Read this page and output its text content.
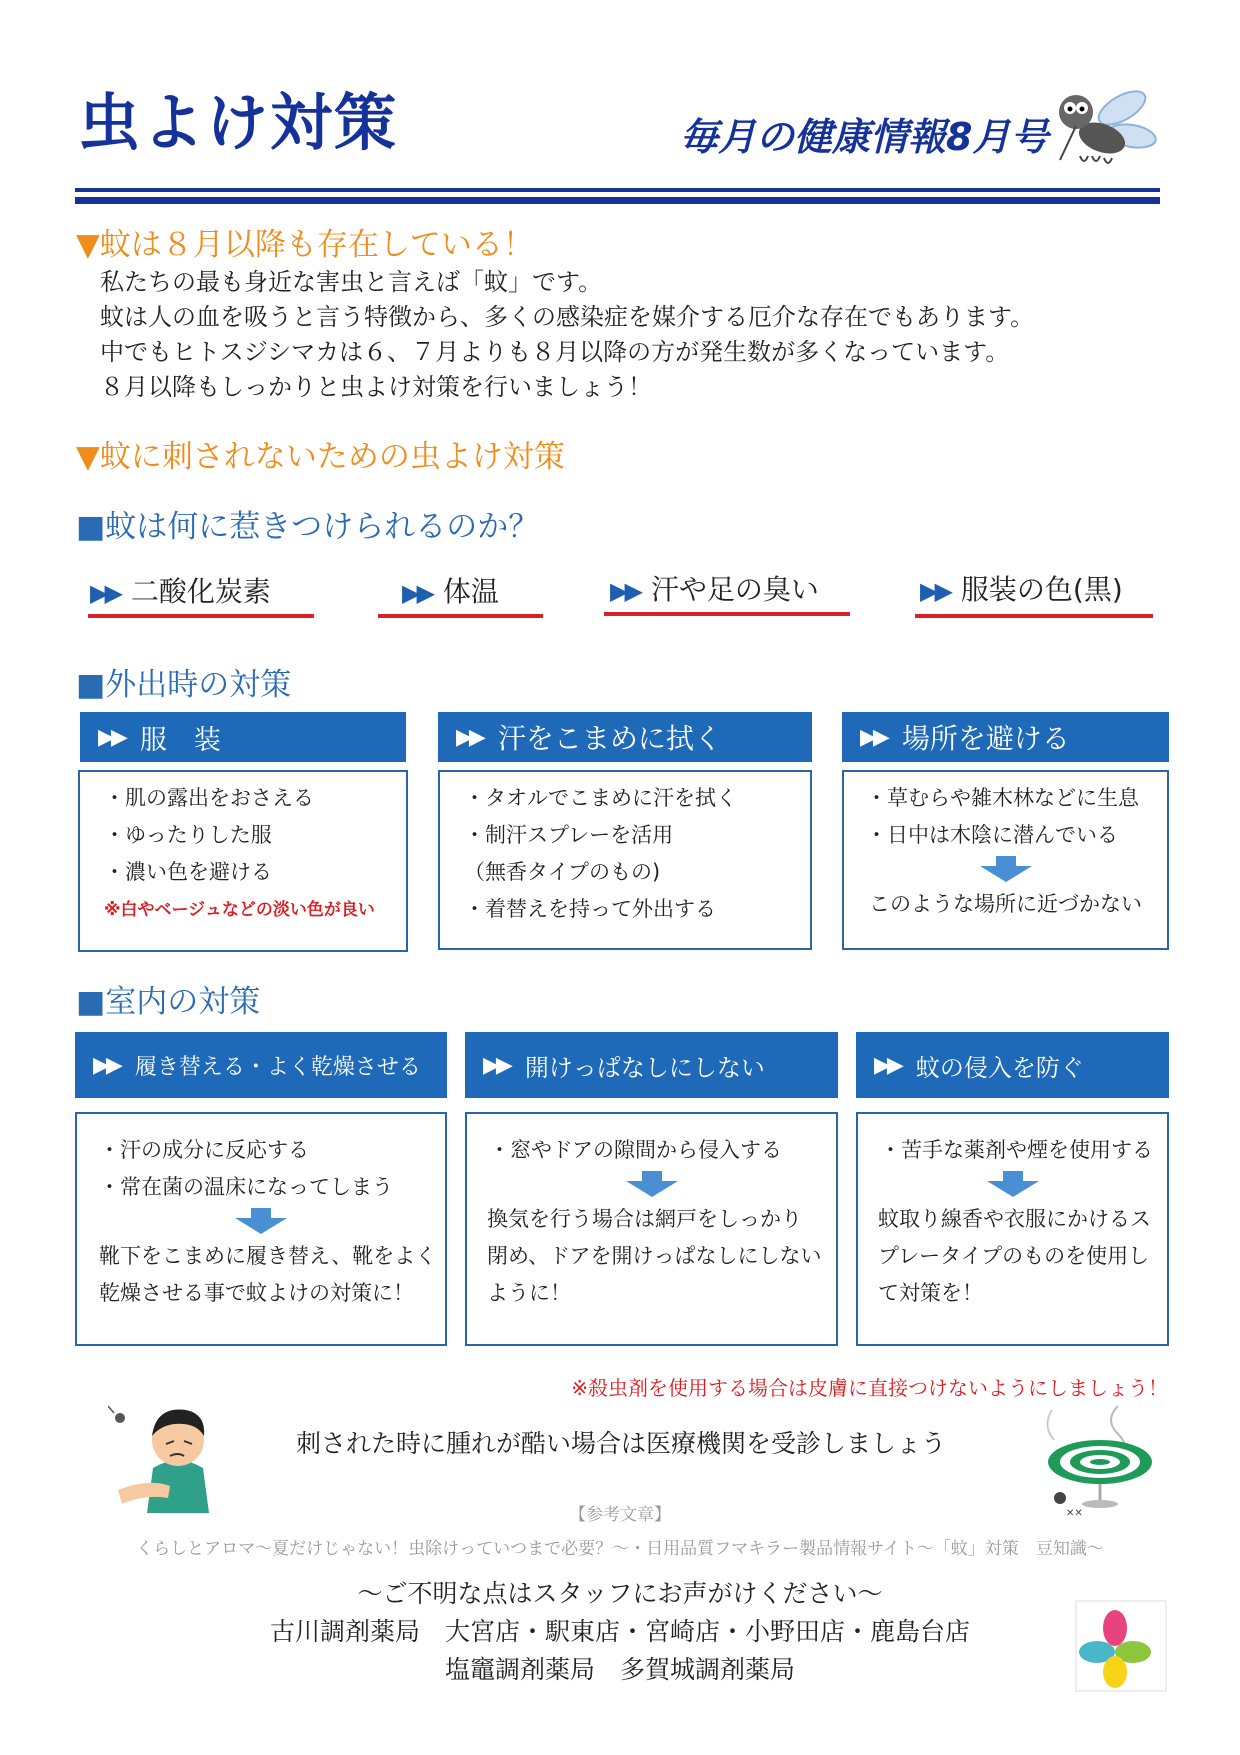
虫よけ対策	毎月の健康情報8月号
▼蚊は８月以降も存在している！
私たちの最も身近な害虫と言えば「蚊」です。
蚊は人の血を吸うと言う特徴から、多くの感染症を媒介する厄介な存在でもあります。
中でもヒトスジシマカは６、７月よりも８月以降の方が発生数が多くなっています。
８月以降もしっかりと虫よけ対策を行いましょう！
▼蚊に刺されないための虫よけ対策
■蚊は何に惹きつけられるのか？
▶▶ 二酸化炭素	▶▶ 体温	▶▶ 汗や足の臭い	▶▶ 服装の色(黒)
■外出時の対策
▶▶ 服　装
・肌の露出をおさえる
・ゆったりした服
・濃い色を避ける
※白やベージュなどの淡い色が良い
▶▶ 汗をこまめに拭く
・タオルでこまめに汗を拭く
・制汗スプレーを活用
（無香タイプのもの)
・着替えを持って外出する
▶▶ 場所を避ける
・草むらや雑木林などに生息
・日中は木陰に潜んでいる
このような場所に近づかない
■室内の対策
▶▶ 履き替える・よく乾燥させる
・汗の成分に反応する
・常在菌の温床になってしまう
靴下をこまめに履き替え、靴をよく
乾燥させる事で蚊よけの対策に！
▶▶ 開けっぱなしにしない
・窓やドアの隙間から侵入する
換気を行う場合は網戸をしっかり
閉め、ドアを開けっぱなしにしない
ように！
▶▶ 蚊の侵入を防ぐ
・苦手な薬剤や煙を使用する
蚊取り線香や衣服にかけるス
プレータイプのものを使用し
て対策を！
※殺虫剤を使用する場合は皮膚に直接つけないようにしましょう！
刺された時に腫れが酷い場合は医療機関を受診しましょう
✕✕
【参考文章】
くらしとアロマ～夏だけじゃない！虫除けっていつまで必要？～・日用品質フマキラー製品情報サイト～「蚊」対策　豆知識～
～ご不明な点はスタッフにお声がけください～
古川調剤薬局　大宮店・駅東店・宮崎店・小野田店・鹿島台店
塩竈調剤薬局　多賀城調剤薬局
